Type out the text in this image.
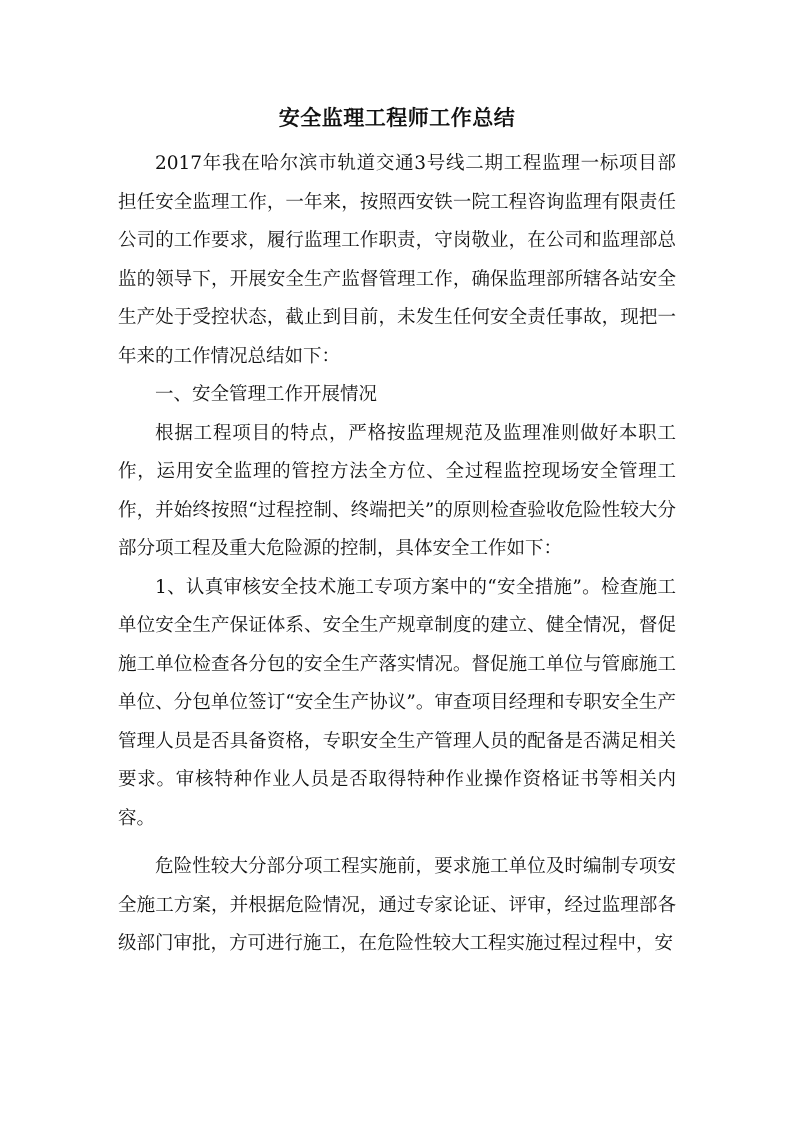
安全监理工程师工作总结

2017年我在哈尔滨市轨道交通3号线二期工程监理一标项目部担任安全监理工作，一年来，按照西安铁一院工程咨询监理有限责任公司的工作要求，履行监理工作职责，守岗敬业，在公司和监理部总监的领导下，开展安全生产监督管理工作，确保监理部所辖各站安全生产处于受控状态，截止到目前，未发生任何安全责任事故，现把一年来的工作情况总结如下：

一、安全管理工作开展情况

根据工程项目的特点，严格按监理规范及监理准则做好本职工作，运用安全监理的管控方法全方位、全过程监控现场安全管理工作，并始终按照“过程控制、终端把关”的原则检查验收危险性较大分部分项工程及重大危险源的控制，具体安全工作如下：

1、认真审核安全技术施工专项方案中的“安全措施”。检查施工单位安全生产保证体系、安全生产规章制度的建立、健全情况，督促施工单位检查各分包的安全生产落实情况。督促施工单位与管廊施工单位、分包单位签订“安全生产协议”。审查项目经理和专职安全生产管理人员是否具备资格，专职安全生产管理人员的配备是否满足相关要求。审核特种作业人员是否取得特种作业操作资格证书等相关内容。

危险性较大分部分项工程实施前，要求施工单位及时编制专项安全施工方案，并根据危险情况，通过专家论证、评审，经过监理部各级部门审批，方可进行施工，在危险性较大工程实施过程过程中，安
